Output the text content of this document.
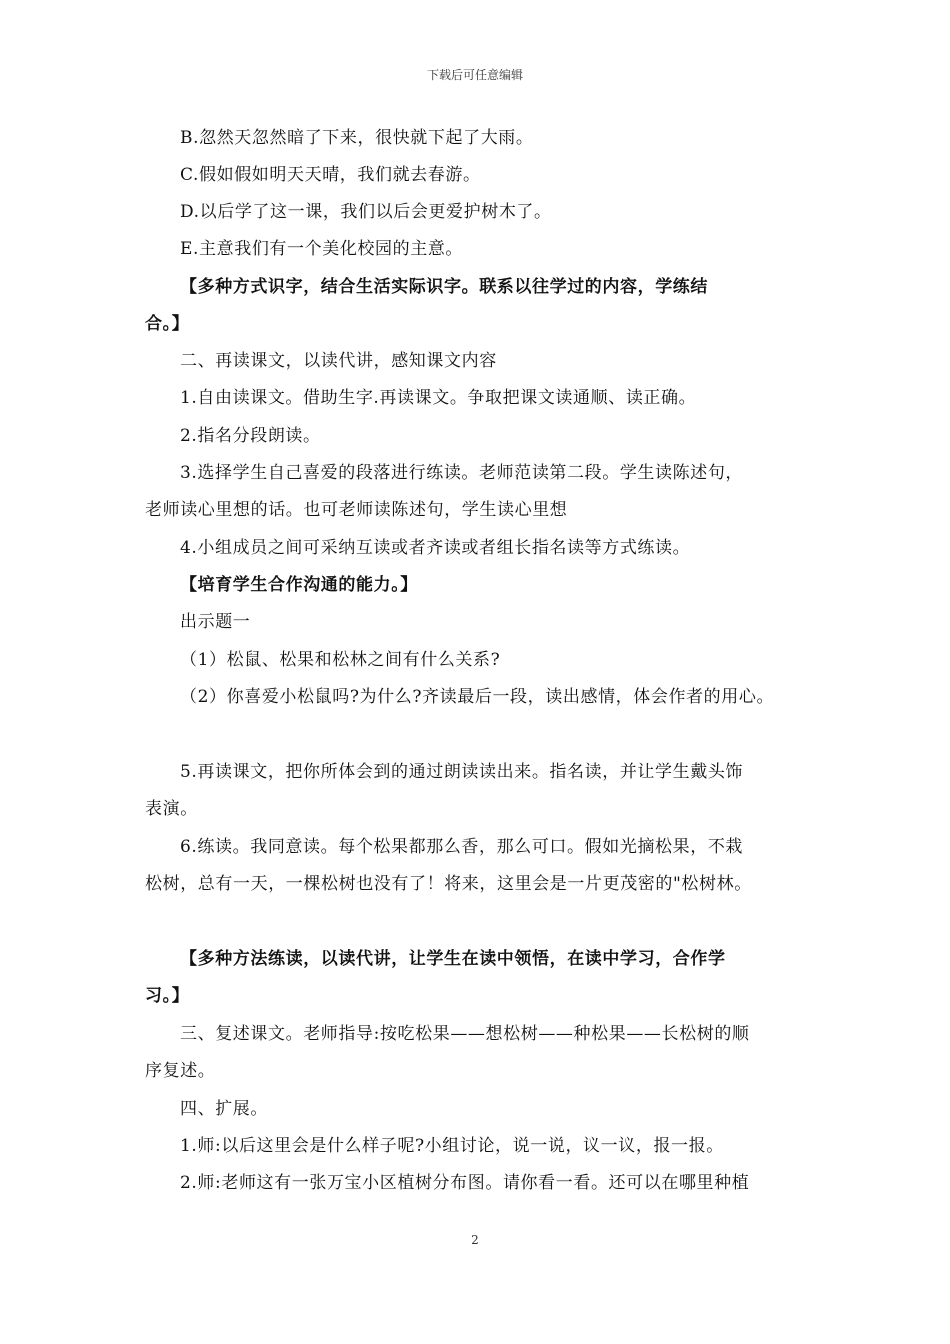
下载后可任意编辑
B.忽然天忽然暗了下来，很快就下起了大雨。
C.假如假如明天天晴，我们就去春游。
D.以后学了这一课，我们以后会更爱护树木了。
E.主意我们有一个美化校园的主意。
【多种方式识字，结合生活实际识字。联系以往学过的内容，学练结
合。】
二、再读课文，以读代讲，感知课文内容
1.自由读课文。借助生字.再读课文。争取把课文读通顺、读正确。
2.指名分段朗读。
3.选择学生自己喜爱的段落进行练读。老师范读第二段。学生读陈述句，
老师读心里想的话。也可老师读陈述句，学生读心里想
4.小组成员之间可采纳互读或者齐读或者组长指名读等方式练读。
【培育学生合作沟通的能力。】
出示题一
（1）松鼠、松果和松林之间有什么关系?
（2）你喜爱小松鼠吗?为什么?齐读最后一段，读出感情，体会作者的用心。
5.再读课文，把你所体会到的通过朗读读出来。指名读，并让学生戴头饰
表演。
6.练读。我同意读。每个松果都那么香，那么可口。假如光摘松果，不栽
松树，总有一天，一棵松树也没有了！将来，这里会是一片更茂密的"松树林。
【多种方法练读，以读代讲，让学生在读中领悟，在读中学习，合作学
习。】
三、复述课文。老师指导:按吃松果——想松树——种松果——长松树的顺
序复述。
四、扩展。
1.师:以后这里会是什么样子呢?小组讨论，说一说，议一议，报一报。
2.师:老师这有一张万宝小区植树分布图。请你看一看。还可以在哪里种植
2
